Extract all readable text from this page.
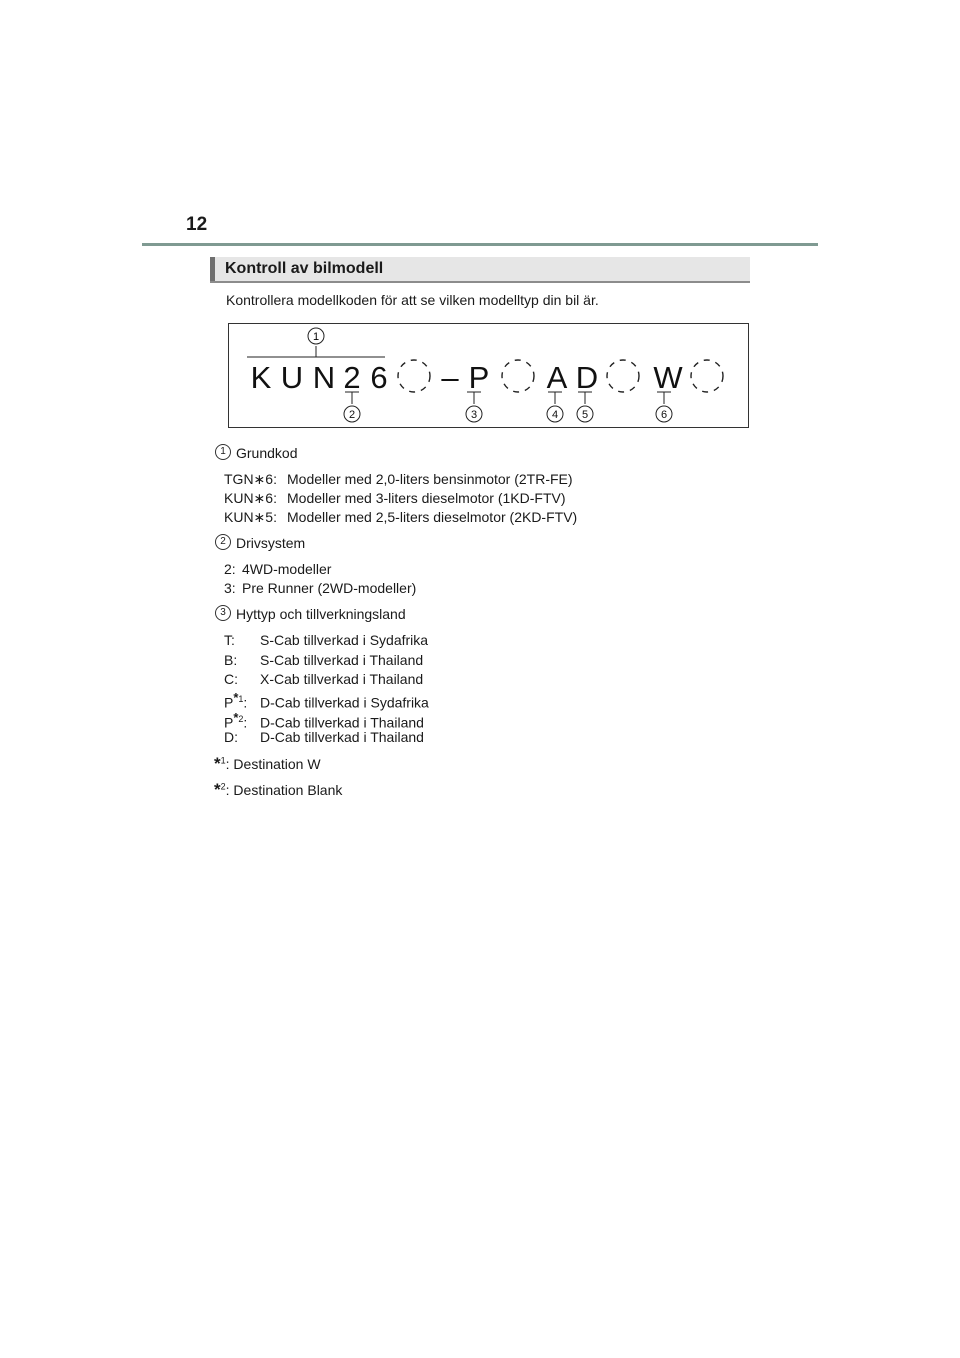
12
Kontroll av bilmodell
Kontrollera modellkoden för att se vilken modelltyp din bil är.
1
K U N 2 6 – P A D W
2	3	4 5	6
1 Grundkod
TGN∗6: Modeller med 2,0-liters bensinmotor (2TR-FE)
KUN∗6: Modeller med 3-liters dieselmotor (1KD-FTV)
KUN∗5: Modeller med 2,5-liters dieselmotor (2KD-FTV)
2 Drivsystem
2: 4WD-modeller
3: Pre Runner (2WD-modeller)
3 Hyttyp och tillverkningsland
T: S-Cab tillverkad i Sydafrika
B: S-Cab tillverkad i Thailand
C: X-Cab tillverkad i Thailand
$P^{*1}$: D-Cab tillverkad i Sydafrika
$P^{*2}$: D-Cab tillverkad i Thailand
D: D-Cab tillverkad i Thailand
*$^1$: Destination W
*$^2$: Destination Blank
